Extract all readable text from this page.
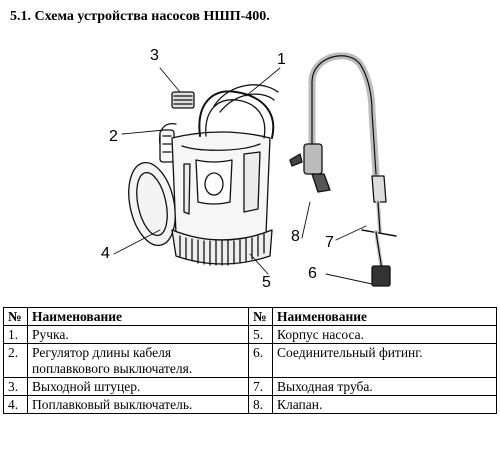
5.1. Схема устройства насосов НШП-400.
1
2
3
4
5
6
7
8
№	Наименование	№	Наименование
1.	Ручка.	5.	Корпус насоса.
2.	Регулятор длины кабеля поплавкового выключателя.	6.	Соединительный фитинг.
3.	Выходной штуцер.	7.	Выходная труба.
4.	Поплавковый выключатель.	8.	Клапан.
